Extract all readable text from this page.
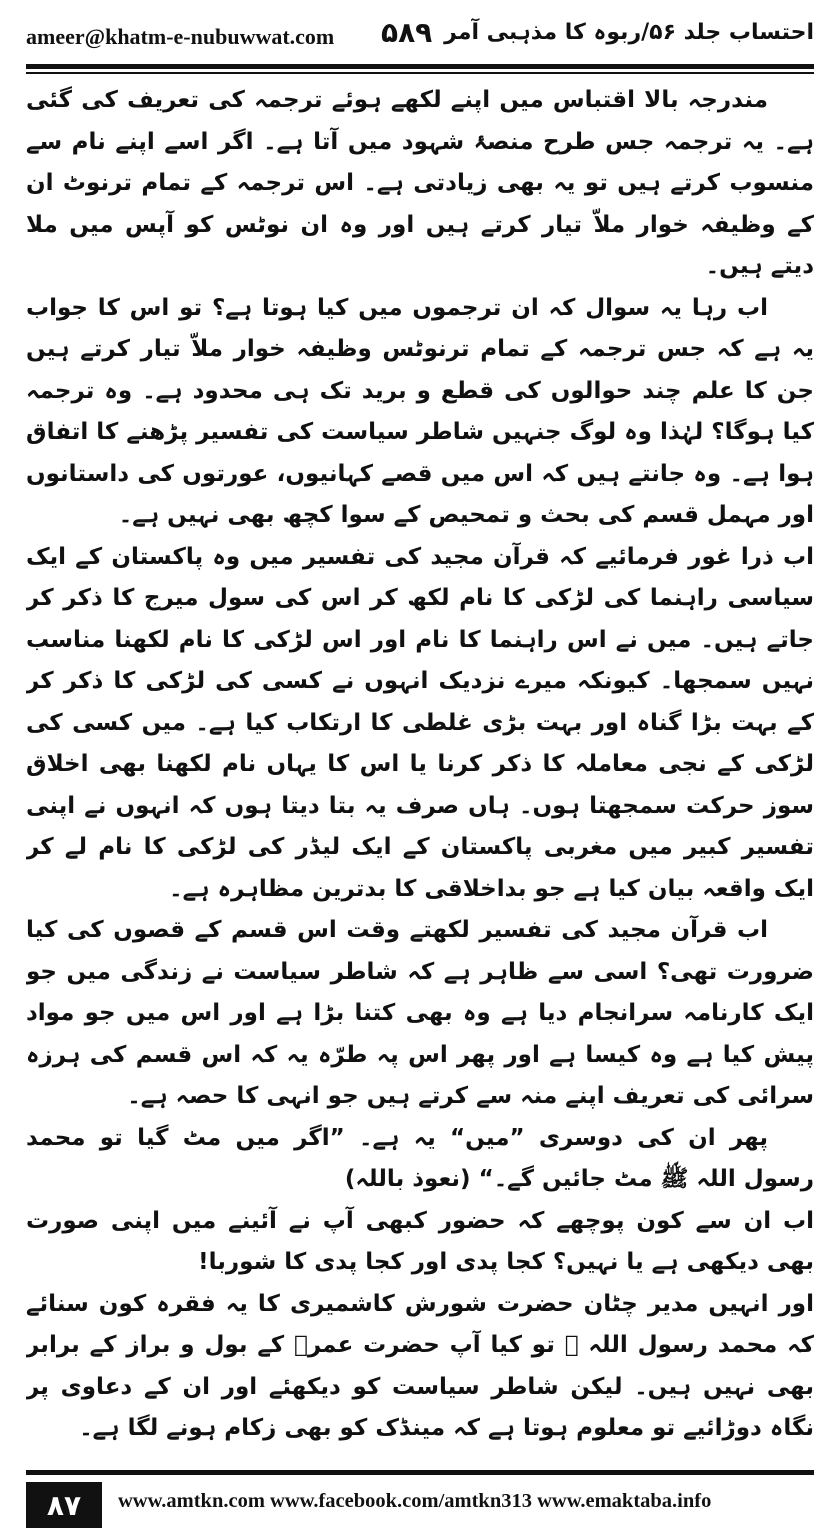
ameer@khatm-e-nubuwwat.com ۵۸۹ احتساب جلد ۵۶/ربوہ کا مذہبی آمر

مندرجہ بالا اقتباس میں اپنے لکھے ہوئے ترجمہ کی تعریف کی گئی ہے۔ یہ ترجمہ جس طرح منصۂ شہود میں آتا ہے۔ اگر اسے اپنے نام سے منسوب کرتے ہیں تو یہ بھی زیادتی ہے۔ اس ترجمہ کے تمام ترنوٹ ان کے وظیفہ خوار ملاّ تیار کرتے ہیں اور وہ ان نوٹس کو آپس میں ملا دیتے ہیں۔

اب رہا یہ سوال کہ ان ترجموں میں کیا ہوتا ہے؟ تو اس کا جواب یہ ہے کہ جس ترجمہ کے تمام ترنوٹس وظیفہ خوار ملاّ تیار کرتے ہیں جن کا علم چند حوالوں کی قطع و برید تک ہی محدود ہے۔ وہ ترجمہ کیا ہوگا؟ لہٰذا وہ لوگ جنہیں شاطر سیاست کی تفسیر پڑھنے کا اتفاق ہوا ہے۔ وہ جانتے ہیں کہ اس میں قصے کہانیوں، عورتوں کی داستانوں اور مہمل قسم کی بحث و تمحیص کے سوا کچھ بھی نہیں ہے۔

اب ذرا غور فرمائیے کہ قرآن مجید کی تفسیر میں وہ پاکستان کے ایک سیاسی راہنما کی لڑکی کا نام لکھ کر اس کی سول میرج کا ذکر کر جاتے ہیں۔ میں نے اس راہنما کا نام اور اس لڑکی کا نام لکھنا مناسب نہیں سمجھا۔ کیونکہ میرے نزدیک انہوں نے کسی کی لڑکی کا ذکر کر کے بہت بڑا گناہ اور بہت بڑی غلطی کا ارتکاب کیا ہے۔ میں کسی کی لڑکی کے نجی معاملہ کا ذکر کرنا یا اس کا یہاں نام لکھنا بھی اخلاق سوز حرکت سمجھتا ہوں۔ ہاں صرف یہ بتا دیتا ہوں کہ انہوں نے اپنی تفسیر کبیر میں مغربی پاکستان کے ایک لیڈر کی لڑکی کا نام لے کر ایک واقعہ بیان کیا ہے جو بداخلاقی کا بدترین مظاہرہ ہے۔

اب قرآن مجید کی تفسیر لکھتے وقت اس قسم کے قصوں کی کیا ضرورت تھی؟ اسی سے ظاہر ہے کہ شاطر سیاست نے زندگی میں جو ایک کارنامہ سرانجام دیا ہے وہ بھی کتنا بڑا ہے اور اس میں جو مواد پیش کیا ہے وہ کیسا ہے اور پھر اس پہ طرّہ یہ کہ اس قسم کی ہرزہ سرائی کی تعریف اپنے منہ سے کرتے ہیں جو انہی کا حصہ ہے۔

پھر ان کی دوسری ”میں“ یہ ہے۔ ”اگر میں مٹ گیا تو محمد رسول اللہ ﷺ مٹ جائیں گے۔“ (نعوذ باللہ)

اب ان سے کون پوچھے کہ حضور کبھی آپ نے آئینے میں اپنی صورت بھی دیکھی ہے یا نہیں؟ کجا پدی اور کجا پدی کا شوربا!

اور انہیں مدیر چٹان حضرت شورش کاشمیری کا یہ فقرہ کون سنائے کہ محمد رسول اللہ ﷺ تو کیا آپ حضرت عمرؓ کے بول و براز کے برابر بھی نہیں ہیں۔ لیکن شاطر سیاست کو دیکھئے اور ان کے دعاوی پر نگاہ دوڑائیے تو معلوم ہوتا ہے کہ مینڈک کو بھی زکام ہونے لگا ہے۔

۸۷	www.amtkn.com www.facebook.com/amtkn313 www.emaktaba.info
